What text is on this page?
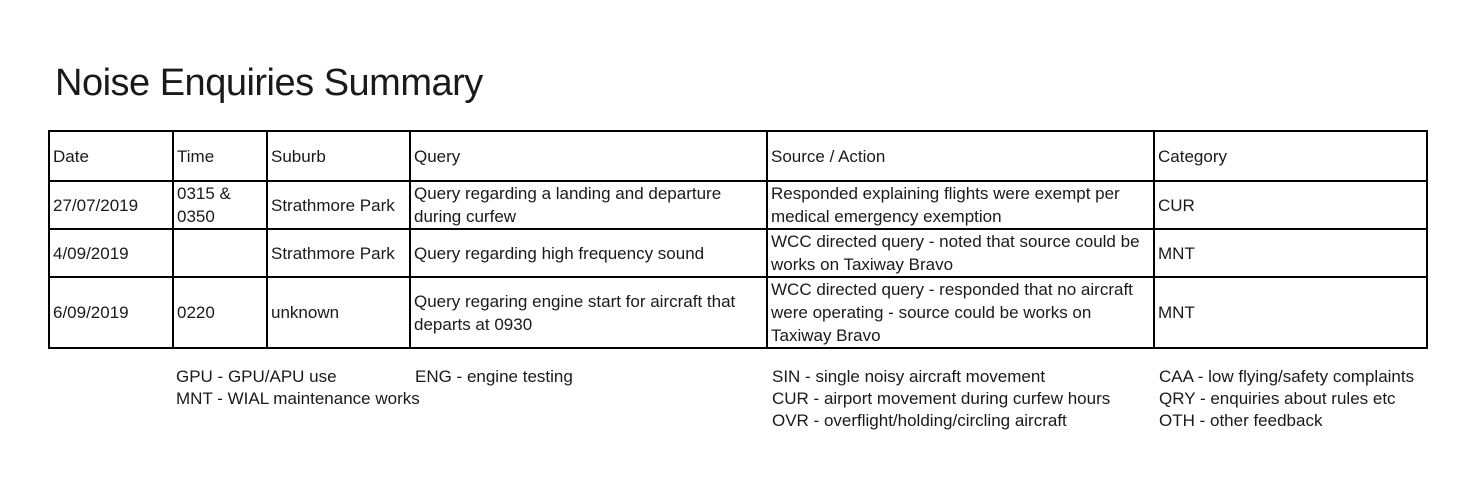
Noise Enquiries Summary
Date	Time	Suburb	Query	Source / Action	Category
27/07/2019	0315 & 0350	Strathmore Park	Query regarding a landing and departure during curfew	Responded explaining flights were exempt per medical emergency exemption	CUR
4/09/2019		Strathmore Park	Query regarding high frequency sound	WCC directed query - noted that source could be works on Taxiway Bravo	MNT
6/09/2019	0220	unknown	Query regaring engine start for aircraft that departs at 0930	WCC directed query - responded that no aircraft were operating - source could be works on Taxiway Bravo	MNT
GPU - GPU/APU use
MNT - WIAL maintenance works
ENG - engine testing	SIN - single noisy aircraft movement
CUR - airport movement during curfew hours
OVR - overflight/holding/circling aircraft
CAA - low flying/safety complaints
QRY - enquiries about rules etc
OTH - other feedback
